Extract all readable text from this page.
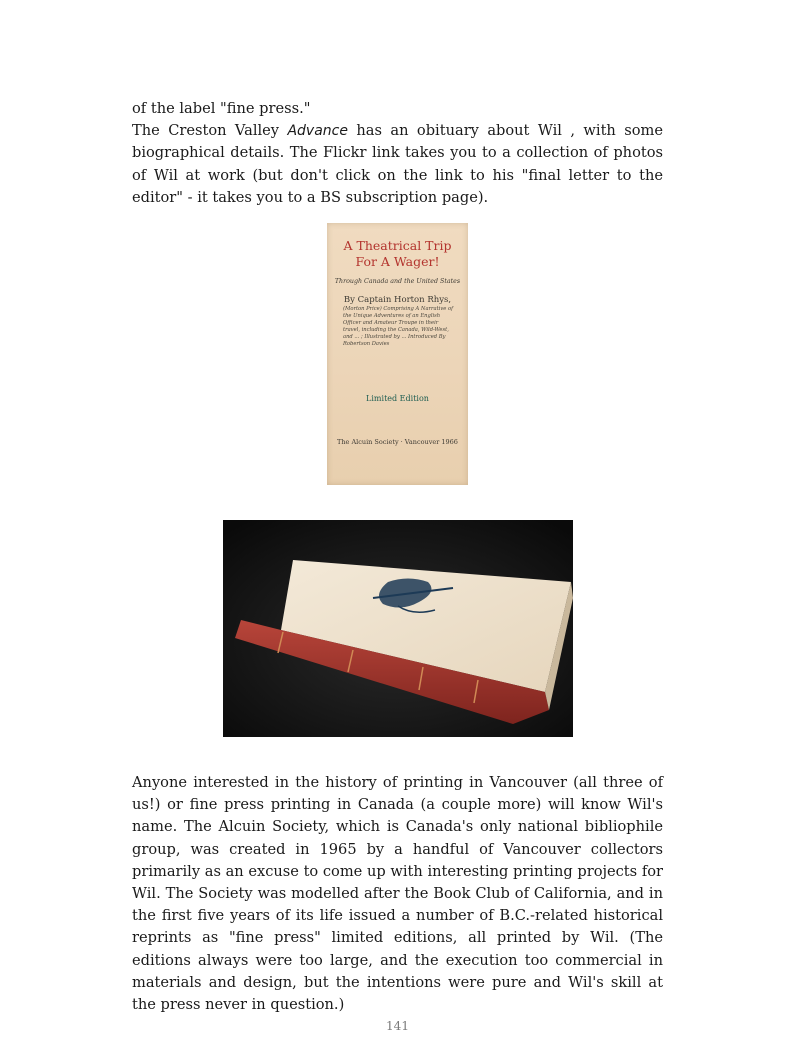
of the label "fine press."
The Creston Valley Advance has an obituary about Wil , with some
biographical details. The Flickr link takes you to a collection of photos of Wil at work (but don't click on the link to his "final letter to the editor" - it takes you to a BS subscription page).

A Theatrical Trip
For A Wager!
Through Canada and the United States
By Captain Horton Rhys,
(Morton Price) Comprising A Narrative of the Unique Adventures of an English Officer and Amateur Troupe in their travel, including the Canada, Wild-West, and ... ; Illustrated by ... Introduced By Robertson Davies
Limited Edition
The Alcuin Society · Vancouver 1966

Anyone interested in the history of printing in Vancouver (all three of us!) or fine press printing in Canada (a couple more) will know Wil's name. The Alcuin Society, which is Canada's only national bibliophile group, was created in 1965 by a handful of Vancouver collectors primarily as an excuse to come up with interesting printing projects for Wil. The Society was modelled after the Book Club of California, and in the first five years of its life issued a number of B.C.-related historical reprints as "fine press" limited editions, all printed by Wil. (The editions always were too large, and the execution too commercial in materials and design, but the intentions were pure and Wil's skill at the press never in question.)

141
